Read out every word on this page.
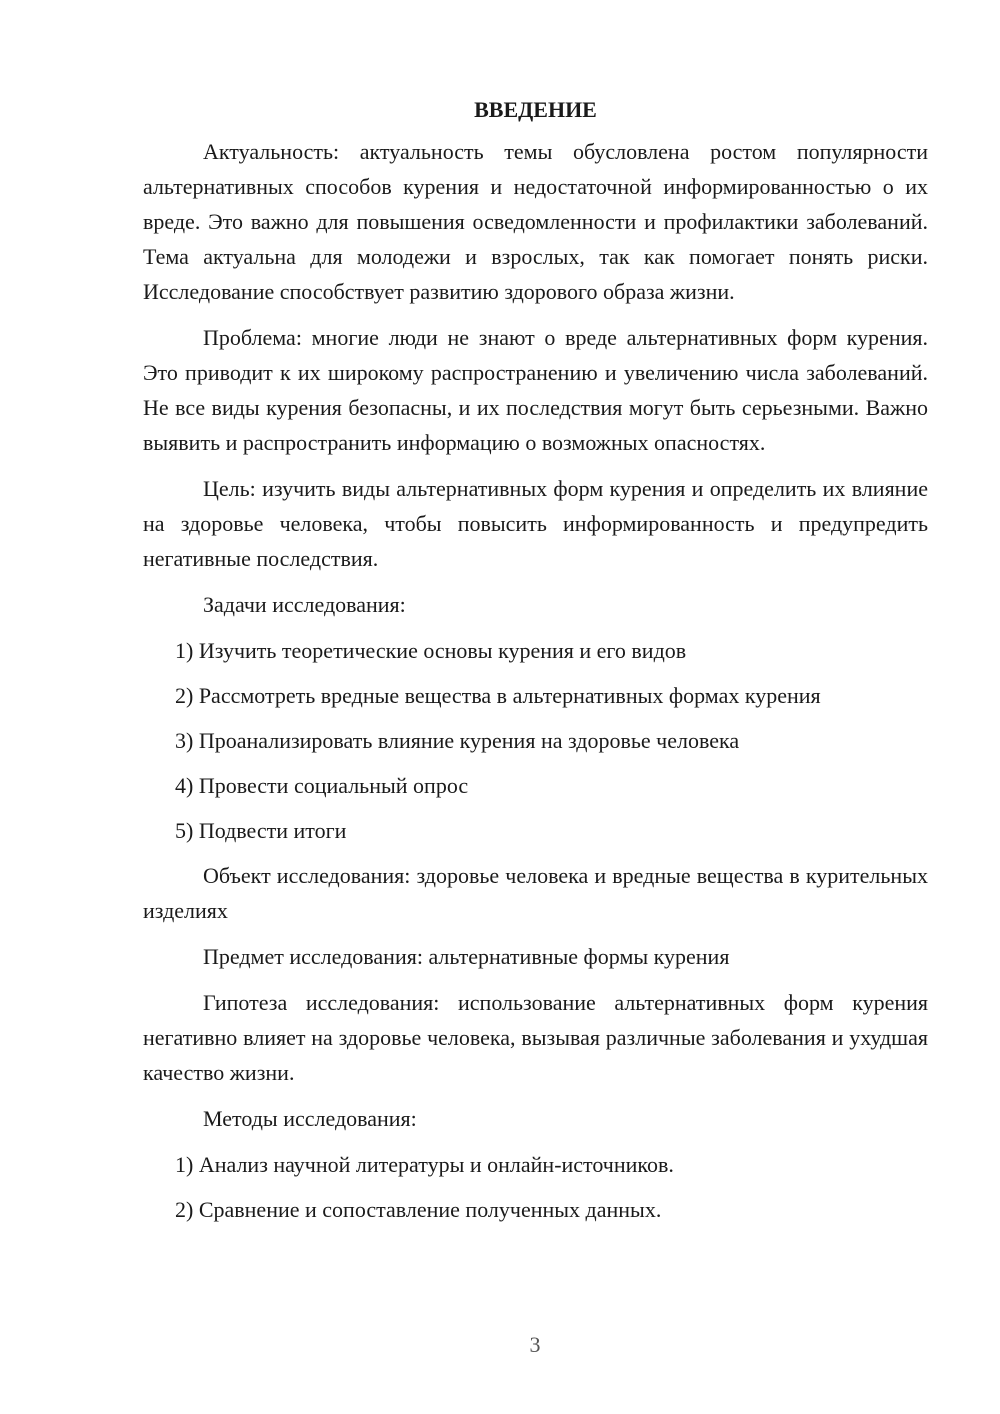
ВВЕДЕНИЕ
Актуальность: актуальность темы обусловлена ростом популярности альтернативных способов курения и недостаточной информированностью о их вреде. Это важно для повышения осведомленности и профилактики заболеваний. Тема актуальна для молодежи и взрослых, так как помогает понять риски. Исследование способствует развитию здорового образа жизни.
Проблема: многие люди не знают о вреде альтернативных форм курения. Это приводит к их широкому распространению и увеличению числа заболеваний. Не все виды курения безопасны, и их последствия могут быть серьезными. Важно выявить и распространить информацию о возможных опасностях.
Цель: изучить виды альтернативных форм курения и определить их влияние на здоровье человека, чтобы повысить информированность и предупредить негативные последствия.
Задачи исследования:
1) Изучить теоретические основы курения и его видов
2) Рассмотреть вредные вещества в альтернативных формах курения
3) Проанализировать влияние курения на здоровье человека
4) Провести социальный опрос
5) Подвести итоги
Объект исследования: здоровье человека и вредные вещества в курительных изделиях
Предмет исследования: альтернативные формы курения
Гипотеза исследования: использование альтернативных форм курения негативно влияет на здоровье человека, вызывая различные заболевания и ухудшая качество жизни.
Методы исследования:
1) Анализ научной литературы и онлайн-источников.
2) Сравнение и сопоставление полученных данных.
3
